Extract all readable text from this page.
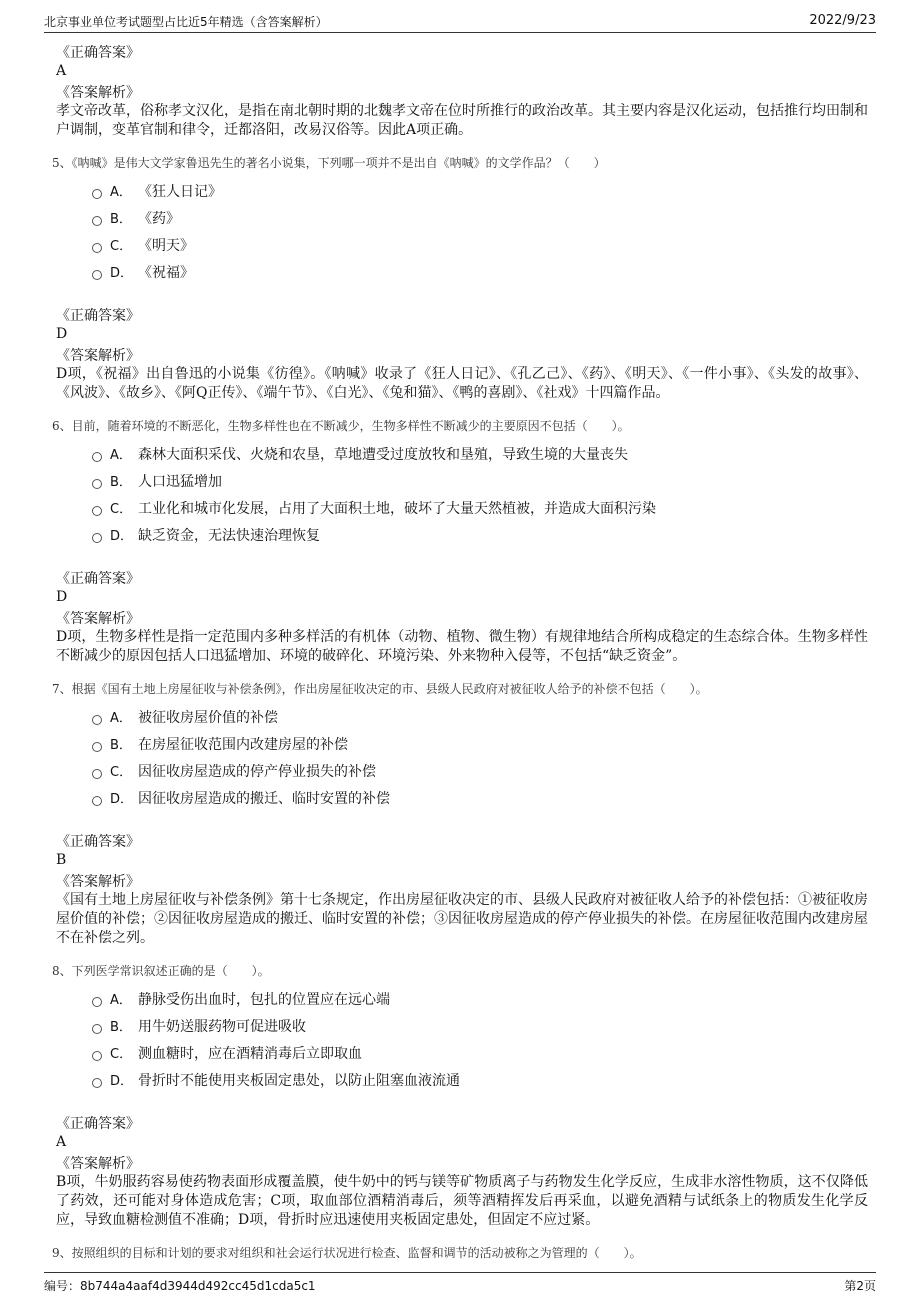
北京事业单位考试题型占比近5年精选（含答案解析）	2022/9/23
《正确答案》
A
《答案解析》

孝文帝改革，俗称孝文汉化，是指在南北朝时期的北魏孝文帝在位时所推行的政治改革。其主要内容是汉化运动，包括推行均田制和户调制，变革官制和律令，迁都洛阳，改易汉俗等。因此A项正确。

5、《呐喊》是伟大文学家鲁迅先生的著名小说集，下列哪一项并不是出自《呐喊》的文学作品？（　　）
A． 《狂人日记》
B． 《药》
C． 《明天》
D． 《祝福》
《正确答案》
D
《答案解析》

D项，《祝福》出自鲁迅的小说集《彷徨》。《呐喊》收录了《狂人日记》、《孔乙己》、《药》、《明天》、《一件小事》、《头发的故事》、《风波》、《故乡》、《阿Q正传》、《端午节》、《白光》、《兔和猫》、《鸭的喜剧》、《社戏》十四篇作品。

6、目前，随着环境的不断恶化，生物多样性也在不断减少，生物多样性不断减少的主要原因不包括（　　）。
A． 森林大面积采伐、火烧和农垦，草地遭受过度放牧和垦殖，导致生境的大量丧失
B． 人口迅猛增加
C． 工业化和城市化发展，占用了大面积土地，破坏了大量天然植被，并造成大面积污染
D． 缺乏资金，无法快速治理恢复
《正确答案》
D
《答案解析》

D项，生物多样性是指一定范围内多种多样活的有机体（动物、植物、微生物）有规律地结合所构成稳定的生态综合体。生物多样性不断减少的原因包括人口迅猛增加、环境的破碎化、环境污染、外来物种入侵等，不包括“缺乏资金”。

7、根据《国有土地上房屋征收与补偿条例》，作出房屋征收决定的市、县级人民政府对被征收人给予的补偿不包括（　　）。
A． 被征收房屋价值的补偿
B． 在房屋征收范围内改建房屋的补偿
C． 因征收房屋造成的停产停业损失的补偿
D． 因征收房屋造成的搬迁、临时安置的补偿
《正确答案》
B
《答案解析》

《国有土地上房屋征收与补偿条例》第十七条规定，作出房屋征收决定的市、县级人民政府对被征收人给予的补偿包括：①被征收房屋价值的补偿；②因征收房屋造成的搬迁、临时安置的补偿；③因征收房屋造成的停产停业损失的补偿。在房屋征收范围内改建房屋不在补偿之列。

8、下列医学常识叙述正确的是（　　）。
A． 静脉受伤出血时，包扎的位置应在远心端
B． 用牛奶送服药物可促进吸收
C． 测血糖时，应在酒精消毒后立即取血
D． 骨折时不能使用夹板固定患处，以防止阻塞血液流通
《正确答案》
A
《答案解析》

B项，牛奶服药容易使药物表面形成覆盖膜，使牛奶中的钙与镁等矿物质离子与药物发生化学反应，生成非水溶性物质，这不仅降低了药效，还可能对身体造成危害；C项，取血部位酒精消毒后，须等酒精挥发后再采血，以避免酒精与试纸条上的物质发生化学反应，导致血糖检测值不准确；D项，骨折时应迅速使用夹板固定患处，但固定不应过紧。

9、按照组织的目标和计划的要求对组织和社会运行状况进行检查、监督和调节的活动被称之为管理的（　　）。
编号：8b744a4aaf4d3944d492cc45d1cda5c1	第2页
